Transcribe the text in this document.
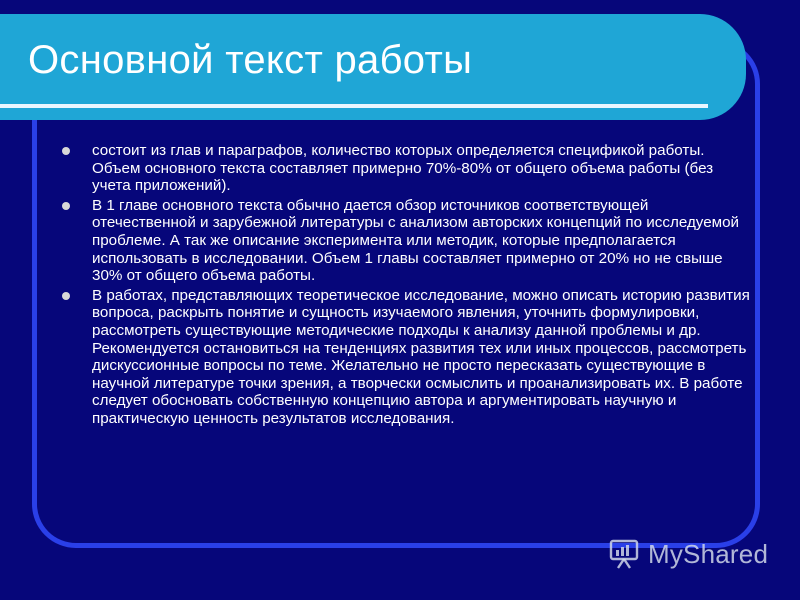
Основной текст работы
состоит из глав и параграфов, количество которых определяется спецификой работы. Объем основного текста составляет примерно 70%-80% от общего объема работы (без учета приложений).
В 1 главе основного текста обычно дается обзор источников соответствующей отечественной и зарубежной литературы с анализом авторских концепций по исследуемой проблеме. А так же описание эксперимента или методик, которые предполагается использовать в исследовании. Объем 1 главы составляет примерно от 20% но не свыше 30% от общего объема работы.
В работах, представляющих теоретическое исследование, можно описать историю развития вопроса, раскрыть понятие и сущность изучаемого явления, уточнить формулировки, рассмотреть существующие методические подходы к анализу данной проблемы и др. Рекомендуется остановиться на тенденциях развития тех или иных процессов, рассмотреть дискуссионные вопросы по теме. Желательно не просто пересказать существующие в научной литературе точки зрения, а творчески осмыслить и проанализировать их. В работе следует обосновать собственную концепцию автора и аргументировать научную и практическую ценность результатов исследования.
MyShared
